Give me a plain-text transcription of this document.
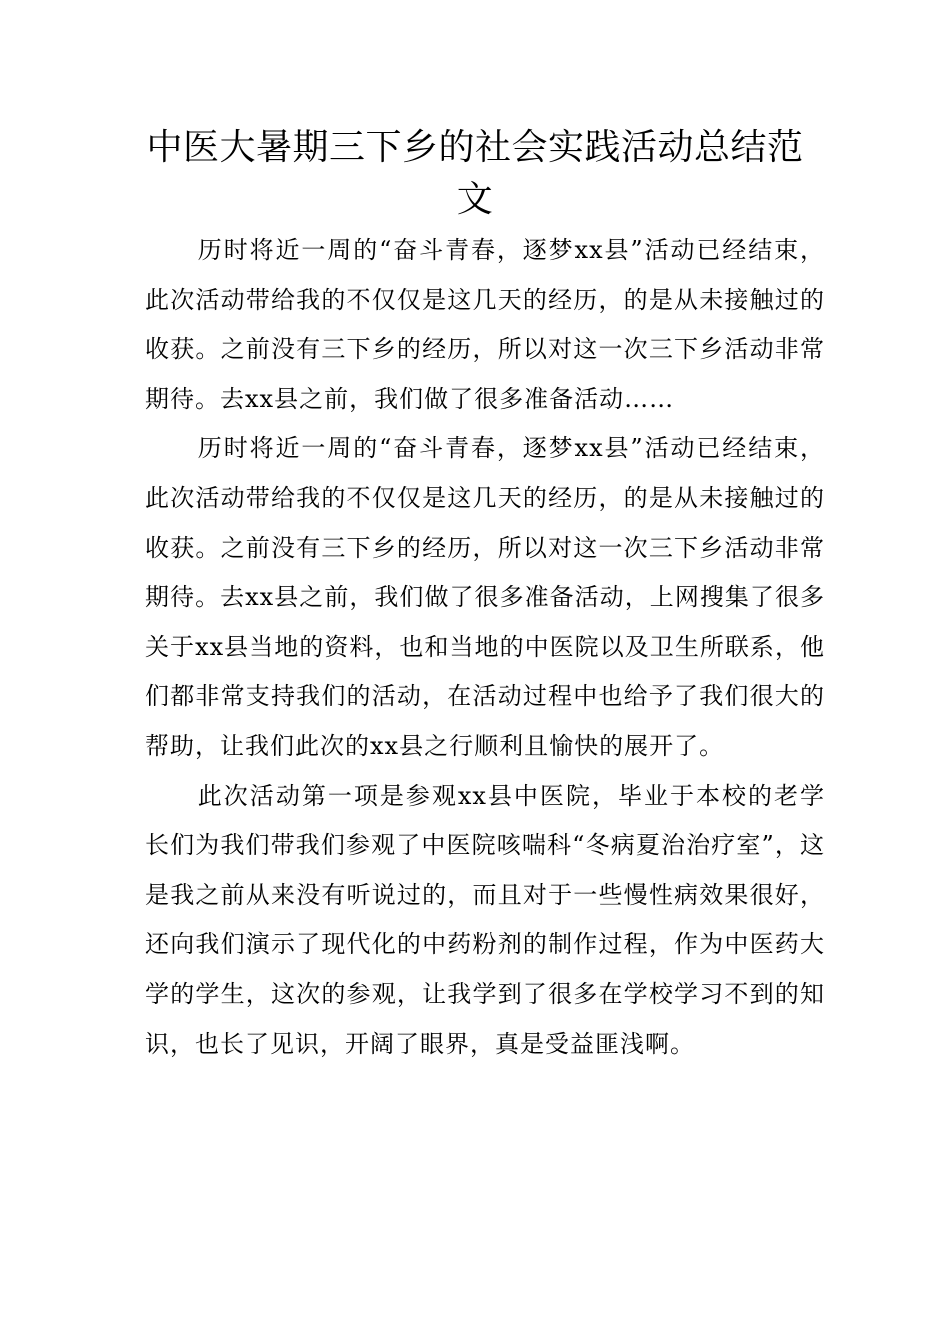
中医大暑期三下乡的社会实践活动总结范文

历时将近一周的“奋斗青春，逐梦xx县”活动已经结束，此次活动带给我的不仅仅是这几天的经历，的是从未接触过的收获。之前没有三下乡的经历，所以对这一次三下乡活动非常期待。去xx县之前，我们做了很多准备活动……

历时将近一周的“奋斗青春，逐梦xx县”活动已经结束，此次活动带给我的不仅仅是这几天的经历，的是从未接触过的收获。之前没有三下乡的经历，所以对这一次三下乡活动非常期待。去xx县之前，我们做了很多准备活动，上网搜集了很多关于xx县当地的资料，也和当地的中医院以及卫生所联系，他们都非常支持我们的活动，在活动过程中也给予了我们很大的帮助，让我们此次的xx县之行顺利且愉快的展开了。

此次活动第一项是参观xx县中医院，毕业于本校的老学长们为我们带我们参观了中医院咳喘科“冬病夏治治疗室”，这是我之前从来没有听说过的，而且对于一些慢性病效果很好，还向我们演示了现代化的中药粉剂的制作过程，作为中医药大学的学生，这次的参观，让我学到了很多在学校学习不到的知识，也长了见识，开阔了眼界，真是受益匪浅啊。
